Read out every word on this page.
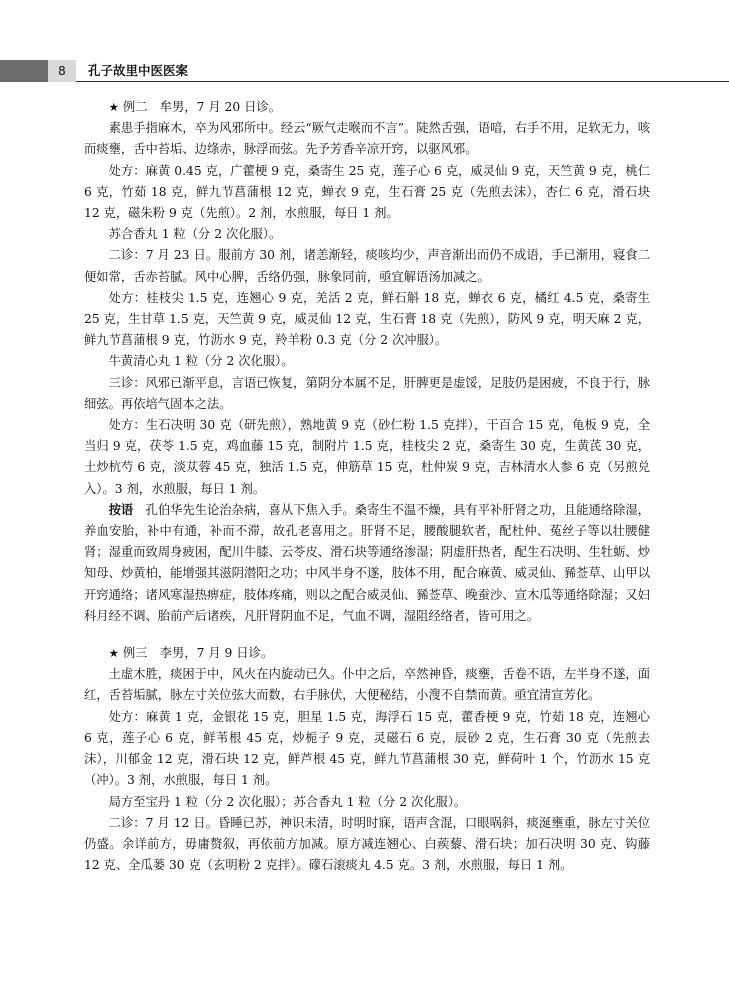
8	孔子故里中医医案

★ 例二　牟男，7 月 20 日诊。

素患手指麻木，卒为风邪所中。经云“厥气走喉而不言”。陡然舌强，语喑，右手不用，足软无力，咳而痰壅，舌中苔垢、边绦赤，脉浮而弦。先予芳香辛凉开窍，以驱风邪。

处方：麻黄 0.45 克，广藿梗 9 克，桑寄生 25 克，莲子心 6 克，威灵仙 9 克，天竺黄 9 克，桃仁 6 克，竹茹 18 克，鲜九节菖蒲根 12 克，蝉衣 9 克，生石膏 25 克（先煎去沫），杏仁 6 克，滑石块 12 克，磁朱粉 9 克（先煎）。2 剂，水煎服，每日 1 剂。

苏合香丸 1 粒（分 2 次化服）。

二诊：7 月 23 日。服前方 30 剂，诸恙渐轻，痰咳均少，声音渐出而仍不成语，手已渐用，寝食二便如常，舌赤苔腻。风中心脾，舌络仍强，脉象同前，亟宜解语汤加减之。

处方：桂枝尖 1.5 克，连翘心 9 克，羌活 2 克，鲜石斛 18 克，蝉衣 6 克，橘红 4.5 克，桑寄生 25 克，生甘草 1.5 克，天竺黄 9 克，威灵仙 12 克，生石膏 18 克（先煎），防风 9 克，明天麻 2 克，鲜九节菖蒲根 9 克，竹沥水 9 克，羚羊粉 0.3 克（分 2 次冲服）。

牛黄清心丸 1 粒（分 2 次化服）。

三诊：风邪已渐平息，言语已恢复，第阴分本属不足，肝脾更是虚馁，足肢仍是困疲，不良于行，脉细弦。再依培气固本之法。

处方：生石决明 30 克（研先煎），熟地黄 9 克（砂仁粉 1.5 克拌），干百合 15 克，龟板 9 克，全当归 9 克，茯苓 1.5 克，鸡血藤 15 克，制附片 1.5 克，桂枝尖 2 克，桑寄生 30 克，生黄芪 30 克，土炒杭芍 6 克，淡苁蓉 45 克，独活 1.5 克，伸筋草 15 克，杜仲炭 9 克，吉林清水人参 6 克（另煎兑入）。3 剂，水煎服，每日 1 剂。

按语　 孔伯华先生论治杂病，喜从下焦入手。桑寄生不温不燥，具有平补肝肾之功，且能通络除湿，养血安胎，补中有通，补而不滞，故孔老喜用之。肝肾不足，腰酸腿软者，配杜仲、菟丝子等以壮腰健肾；湿重而致周身疲困，配川牛膝、云苓皮、滑石块等通络渗湿；阴虚肝热者，配生石决明、生牡蛎、炒知母、炒黄柏，能增强其滋阴潜阳之功；中风半身不遂，肢体不用，配合麻黄、威灵仙、豨莶草、山甲以开窍通络；诸风寒湿热痹症，肢体疼痛，则以之配合威灵仙、豨莶草、晚蚕沙、宣木瓜等通络除湿；又妇科月经不调、胎前产后诸疾，凡肝肾阴血不足，气血不调，湿阻经络者，皆可用之。

★ 例三　李男，7 月 9 日诊。

土虚木胜，痰困于中，风火在内旋动已久。仆中之后，卒然神昏，痰壅，舌卷不语，左半身不遂，面红，舌苔垢腻，脉左寸关位弦大而数，右手脉伏，大便秘结，小溲不自禁而黄。亟宜清宣芳化。

处方：麻黄 1 克，金银花 15 克，胆星 1.5 克，海浮石 15 克，藿香梗 9 克，竹茹 18 克，连翘心 6 克，莲子心 6 克，鲜苇根 45 克，炒栀子 9 克，灵磁石 6 克，辰砂 2 克，生石膏 30 克（先煎去沫），川郁金 12 克，滑石块 12 克，鲜芦根 45 克，鲜九节菖蒲根 30 克，鲜荷叶 1 个，竹沥水 15 克（冲）。3 剂，水煎服，每日 1 剂。

局方至宝丹 1 粒（分 2 次化服）；苏合香丸 1 粒（分 2 次化服）。

二诊：7 月 12 日。昏睡已苏，神识未清，时明时寐，语声含混，口眼㖞斜，痰涎壅重，脉左寸关位仍盛。余详前方，毋庸赘叙，再依前方加减。原方减连翘心、白蒺藜、滑石块；加石决明 30 克、钩藤 12 克、全瓜蒌 30 克（玄明粉 2 克拌）。礞石滚痰丸 4.5 克。3 剂，水煎服，每日 1 剂。
